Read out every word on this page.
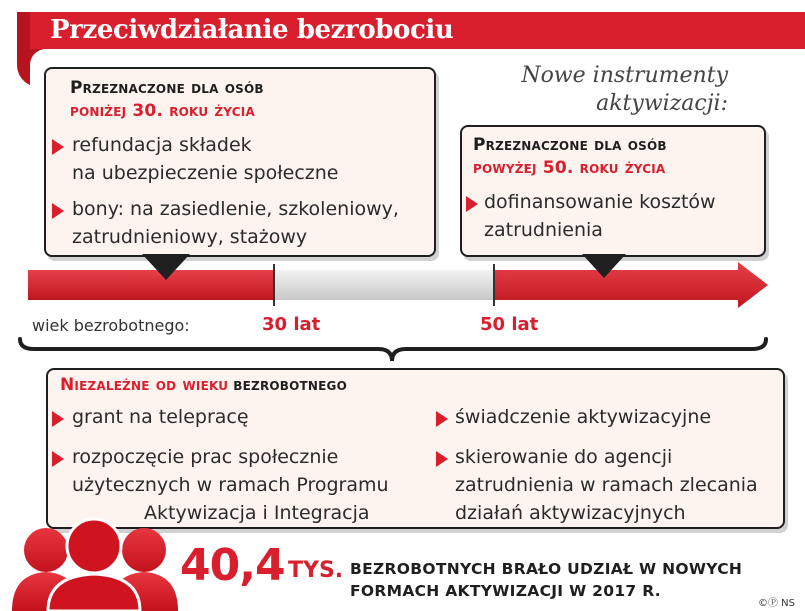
Przeciwdziałanie bezrobociu
Nowe instrumenty
aktywizacji:
Przeznaczone dla osób
poniżej 30. roku życia
refundacja składek
na ubezpieczenie społeczne
bony: na zasiedlenie, szkoleniowy,
zatrudnieniowy, stażowy
Przeznaczone dla osób
powyżej 50. roku życia
dofinansowanie kosztów
zatrudnienia
wiek bezrobotnego:	30 lat	50 lat
Niezależne od wieku bezrobotnego
grant na telepracę
rozpoczęcie prac społecznie
użytecznych w ramach Programu
Aktywizacja i Integracja
świadczenie aktywizacyjne
skierowanie do agencji
zatrudnienia w ramach zlecania
działań aktywizacyjnych
40,4 TYS. BEZROBOTNYCH BRAŁO UDZIAŁ W NOWYCH
FORMACH AKTYWIZACJI W 2017 R.
©Ⓟ NS
